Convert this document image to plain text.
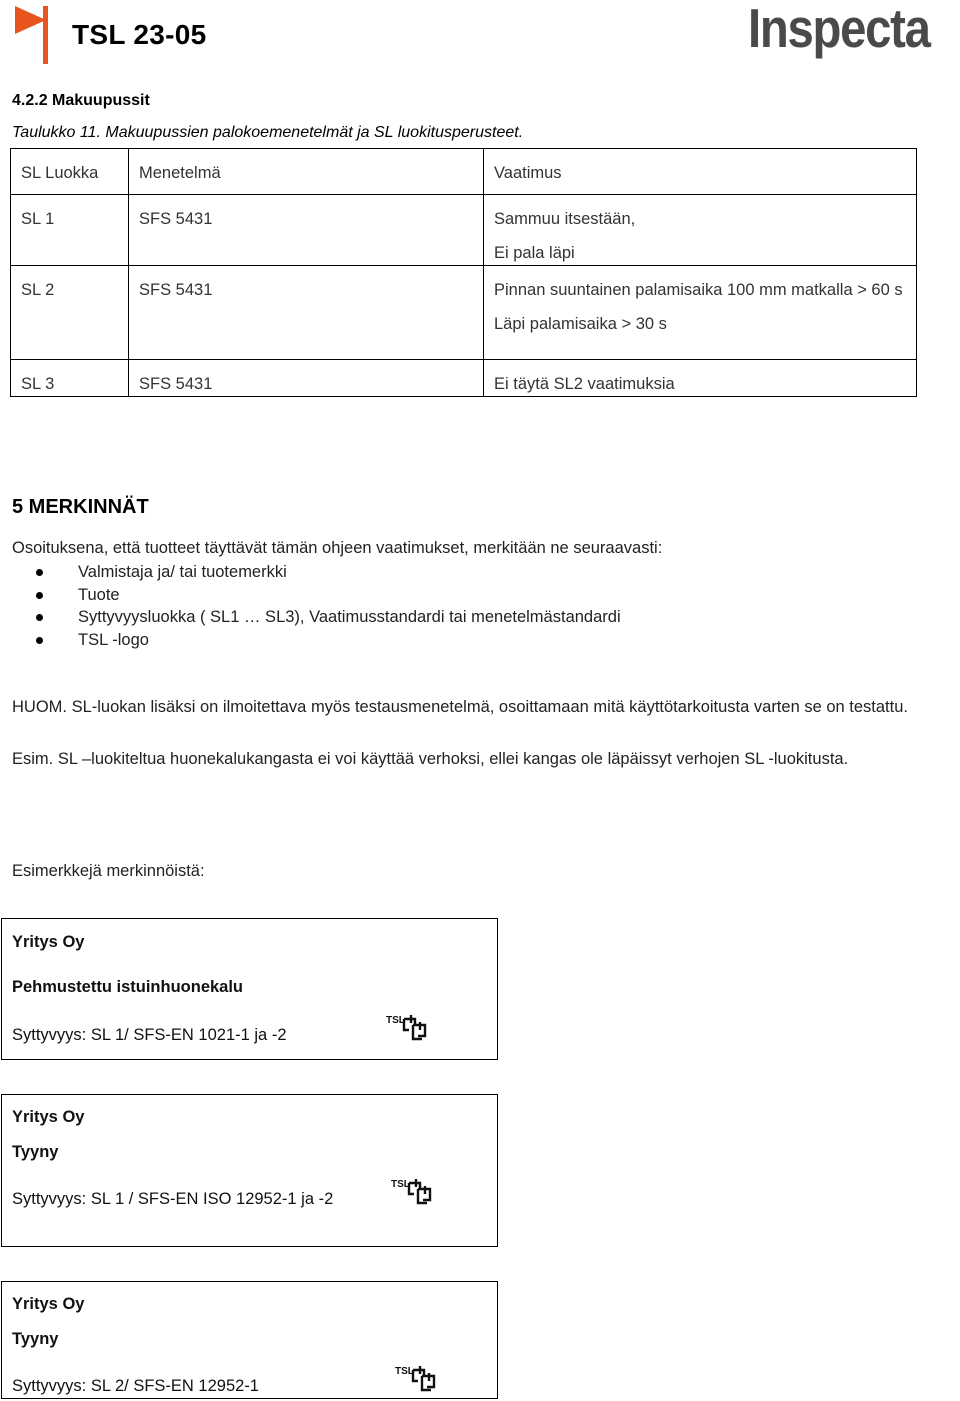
TSL 23-05	Inspecta
4.2.2 Makuupussit
Taulukko 11. Makuupussien palokoemenetelmät ja SL luokitusperusteet.
SL Luokka	Menetelmä	Vaatimus
SL 1	SFS 5431	Sammuu itsestään,
Ei pala läpi

SL 2	SFS 5431	Pinnan suuntainen palamisaika 100 mm matkalla > 60 s
Läpi palamisaika > 30 s

SL 3	SFS 5431	Ei täytä SL2 vaatimuksia
5 MERKINNÄT
Osoituksena, että tuotteet täyttävät tämän ohjeen vaatimukset, merkitään ne seuraavasti:
Valmistaja ja/ tai tuotemerkki
Tuote
Syttyvyysluokka ( SL1 … SL3), Vaatimusstandardi tai menetelmästandardi
TSL -logo
HUOM. SL-luokan lisäksi on ilmoitettava myös testausmenetelmä, osoittamaan mitä käyttötarkoitusta varten se on testattu.
Esim. SL –luokiteltua huonekalukangasta ei voi käyttää verhoksi, ellei kangas ole läpäissyt verhojen SL -luokitusta.
Esimerkkejä merkinnöistä:
Yritys Oy
Pehmustettu istuinhuonekalu
Syttyvyys: SL 1/ SFS-EN 1021-1 ja -2
TSL
Yritys Oy
Tyyny
Syttyvyys: SL 1 / SFS-EN ISO 12952-1 ja -2
TSL
Yritys Oy
Tyyny
Syttyvyys: SL 2/ SFS-EN 12952-1
TSL
